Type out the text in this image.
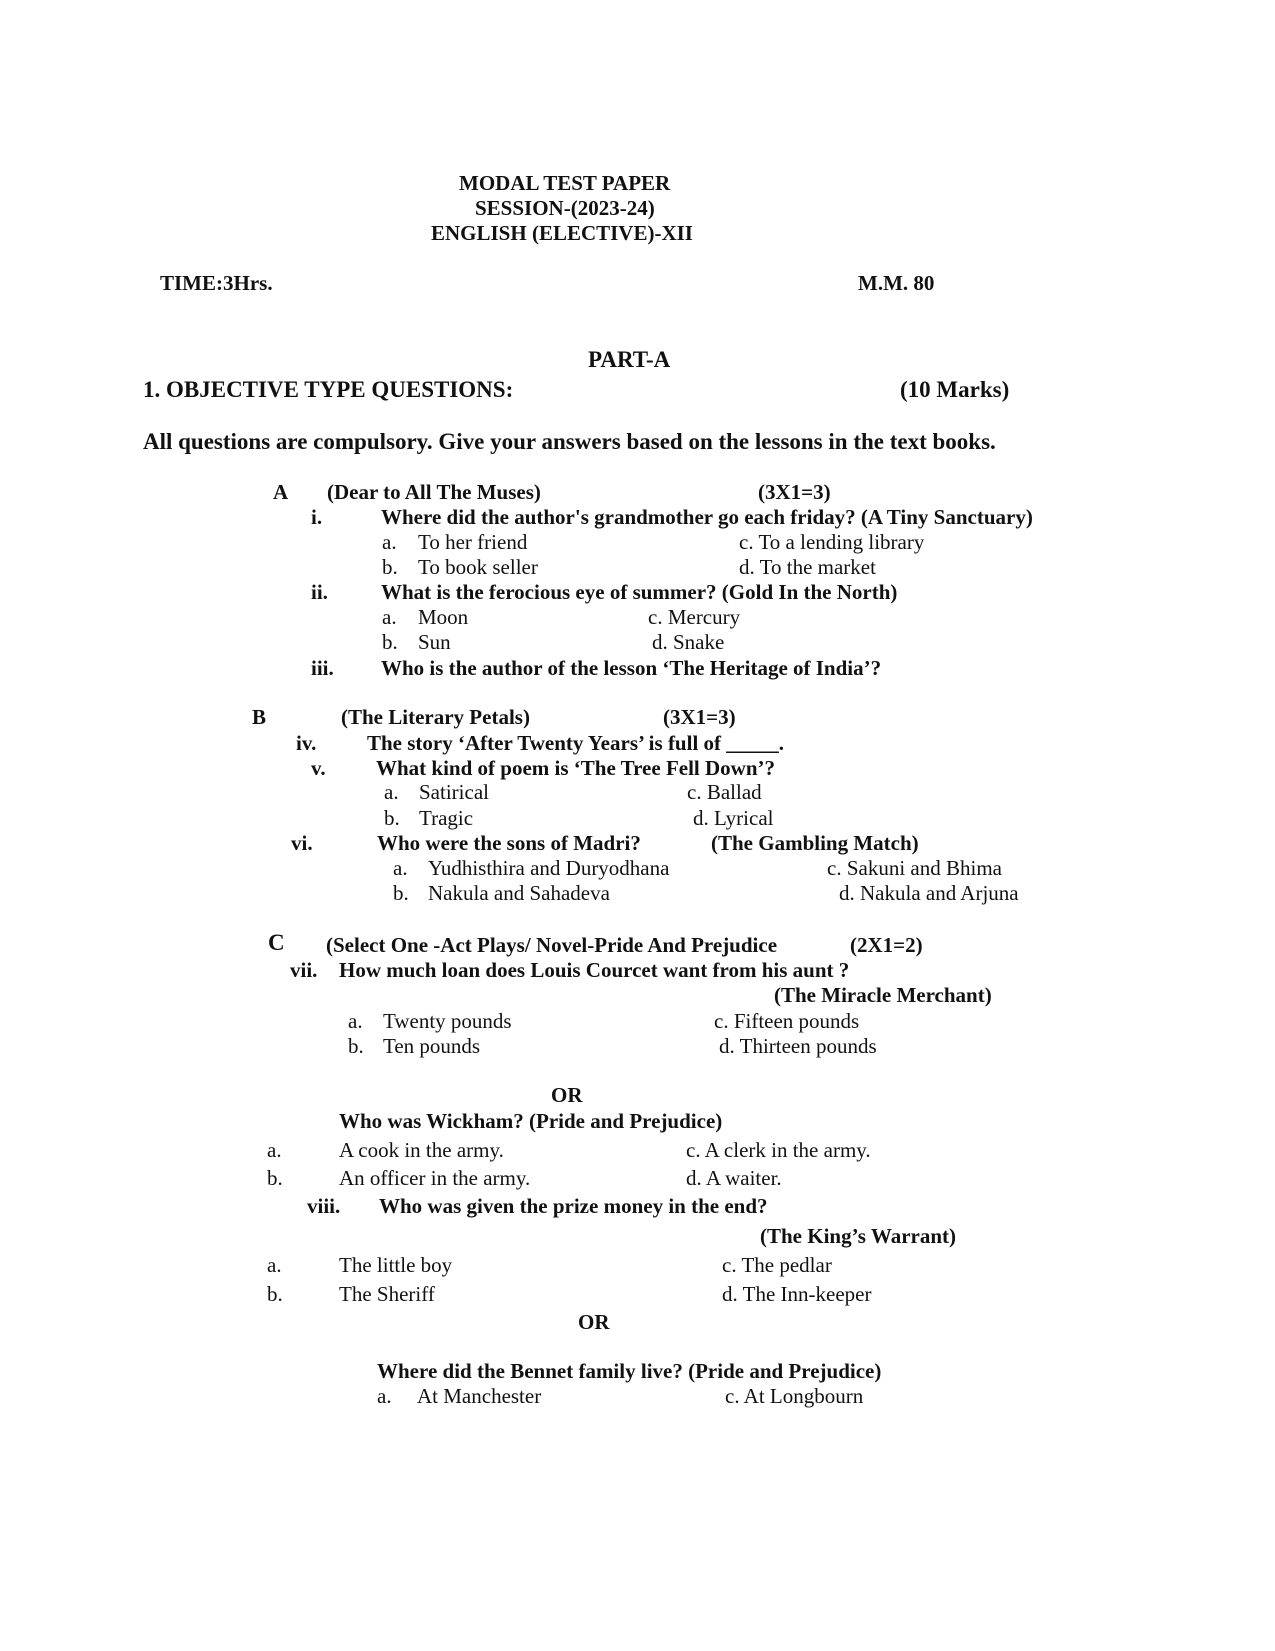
MODAL TEST PAPER
SESSION-(2023-24)
ENGLISH (ELECTIVE)-XII
TIME:3Hrs.	M.M. 80
PART-A
1. OBJECTIVE TYPE QUESTIONS:	(10 Marks)
All questions are compulsory. Give your answers based on the lessons in the text books.
A (Dear to All The Muses)	(3X1=3)
i.	Where did the author's grandmother go each friday? (A Tiny Sanctuary)
a. To her friend	c. To a lending library
b. To book seller	d. To the market
ii.	What is the ferocious eye of summer? (Gold In the North)
a. Moon	c. Mercury
b. Sun	d. Snake
iii. Who is the author of the lesson ‘The Heritage of India’?
B	(The Literary Petals)	(3X1=3)
iv. The story ‘After Twenty Years’ is full of _____.
v. What kind of poem is ‘The Tree Fell Down’?
a. Satirical	c. Ballad
b. Tragic	d. Lyrical
vi.	Who were the sons of Madri?	(The Gambling Match)
a. Yudhisthira and Duryodhana	c. Sakuni and Bhima
b. Nakula and Sahadeva	d. Nakula and Arjuna
C (Select One -Act Plays/ Novel-Pride And Prejudice	(2X1=2)
vii. How much loan does Louis Courcet want from his aunt ?
(The Miracle Merchant)
a. Twenty pounds	c. Fifteen pounds
b. Ten pounds	d. Thirteen pounds
OR
Who was Wickham? (Pride and Prejudice)
a.	A cook in the army.	c. A clerk in the army.
b.	An officer in the army.	d. A waiter.
viii. Who was given the prize money in the end?
(The King’s Warrant)
a.	The little boy	c. The pedlar
b.	The Sheriff	d. The Inn-keeper
OR
Where did the Bennet family live? (Pride and Prejudice)
a. At Manchester	c. At Longbourn
